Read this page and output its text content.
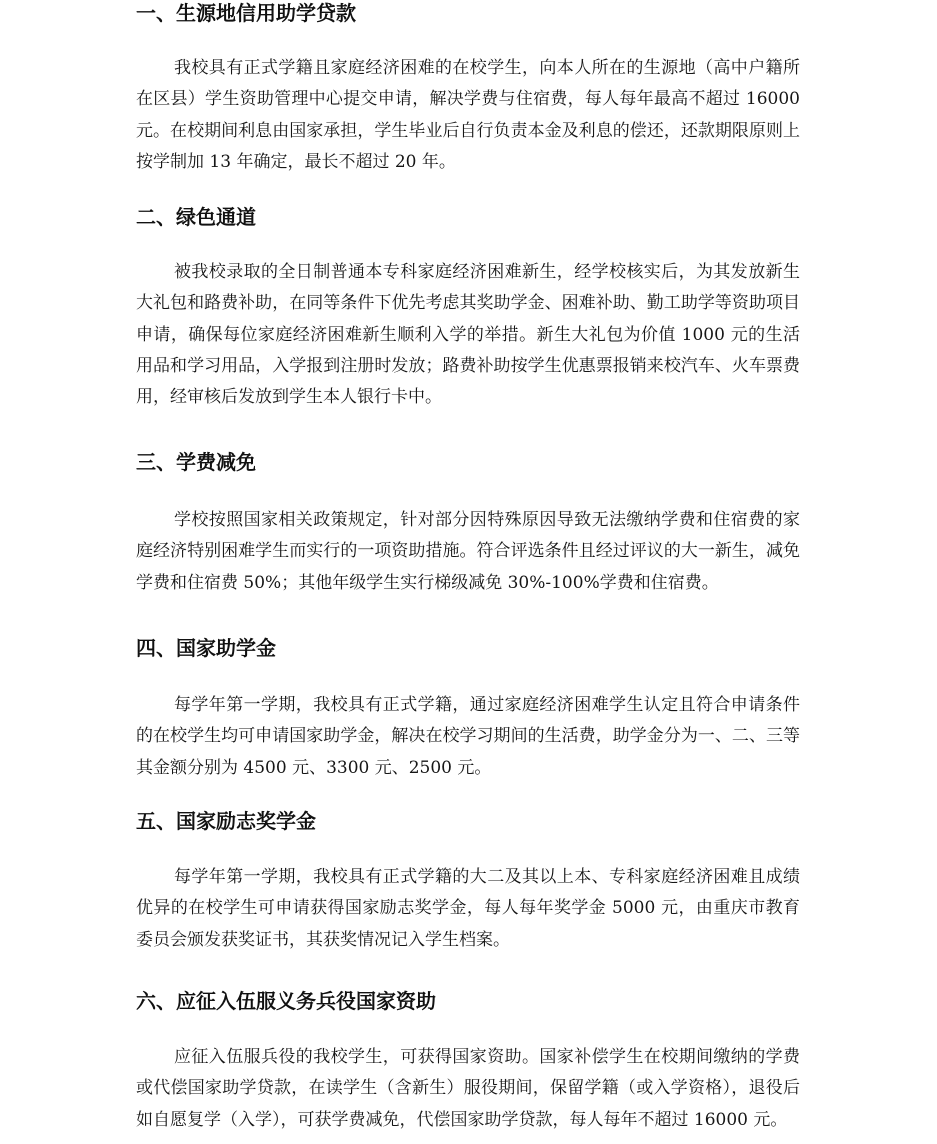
一、生源地信用助学贷款

我校具有正式学籍且家庭经济困难的在校学生，向本人所在的生源地（高中户籍所在区县）学生资助管理中心提交申请，解决学费与住宿费，每人每年最高不超过 16000 元。在校期间利息由国家承担，学生毕业后自行负责本金及利息的偿还，还款期限原则上按学制加 13 年确定，最长不超过 20 年。

二、绿色通道

被我校录取的全日制普通本专科家庭经济困难新生，经学校核实后，为其发放新生大礼包和路费补助，在同等条件下优先考虑其奖助学金、困难补助、勤工助学等资助项目申请，确保每位家庭经济困难新生顺利入学的举措。新生大礼包为价值 1000 元的生活用品和学习用品，入学报到注册时发放；路费补助按学生优惠票报销来校汽车、火车票费用，经审核后发放到学生本人银行卡中。

三、学费减免

学校按照国家相关政策规定，针对部分因特殊原因导致无法缴纳学费和住宿费的家庭经济特别困难学生而实行的一项资助措施。符合评选条件且经过评议的大一新生，减免学费和住宿费 50%；其他年级学生实行梯级减免 30%-100%学费和住宿费。

四、国家助学金

每学年第一学期，我校具有正式学籍，通过家庭经济困难学生认定且符合申请条件的在校学生均可申请国家助学金，解决在校学习期间的生活费，助学金分为一、二、三等其金额分别为 4500 元、3300 元、2500 元。

五、国家励志奖学金

每学年第一学期，我校具有正式学籍的大二及其以上本、专科家庭经济困难且成绩优异的在校学生可申请获得国家励志奖学金，每人每年奖学金 5000 元，由重庆市教育委员会颁发获奖证书，其获奖情况记入学生档案。

六、应征入伍服义务兵役国家资助

应征入伍服兵役的我校学生，可获得国家资助。国家补偿学生在校期间缴纳的学费或代偿国家助学贷款，在读学生（含新生）服役期间，保留学籍（或入学资格），退役后如自愿复学（入学），可获学费减免，代偿国家助学贷款，每人每年不超过 16000 元。
